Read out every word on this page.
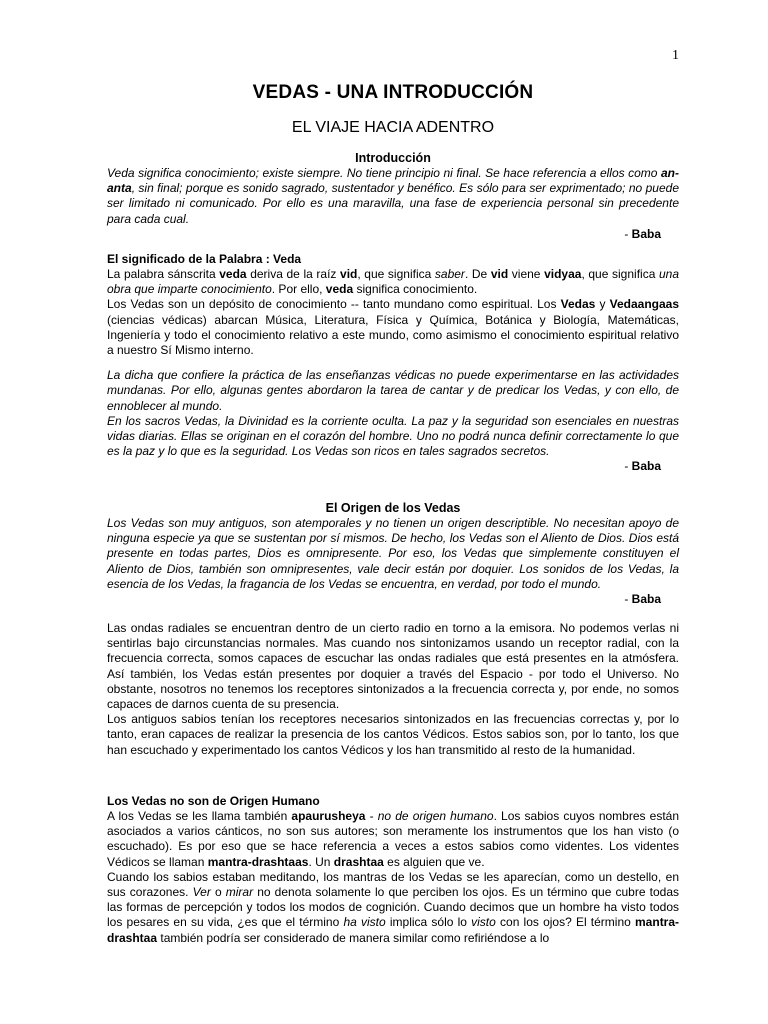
1
VEDAS - UNA INTRODUCCIÓN
EL VIAJE HACIA ADENTRO
Introducción

Veda significa conocimiento; existe siempre. No tiene principio ni final. Se hace referencia a ellos como an-anta, sin final; porque es sonido sagrado, sustentador y benéfico. Es sólo para ser exprimentado; no puede ser limitado ni comunicado. Por ello es una maravilla, una fase de experiencia personal sin precedente para cada cual.

- Baba
El significado de la Palabra : Veda

La palabra sánscrita veda deriva de la raíz vid, que significa saber. De vid viene vidyaa, que significa una obra que imparte conocimiento. Por ello, veda significa conocimiento.

Los Vedas son un depósito de conocimiento -- tanto mundano como espiritual. Los Vedas y Vedaangaas (ciencias védicas) abarcan Música, Literatura, Física y Química, Botánica y Biología, Matemáticas, Ingeniería y todo el conocimiento relativo a este mundo, como asimismo el conocimiento espiritual relativo a nuestro Sí Mismo interno.

La dicha que confiere la práctica de las enseñanzas védicas no puede experimentarse en las actividades mundanas. Por ello, algunas gentes abordaron la tarea de cantar y de predicar los Vedas, y con ello, de ennoblecer al mundo.

En los sacros Vedas, la Divinidad es la corriente oculta. La paz y la seguridad son esenciales en nuestras vidas diarias. Ellas se originan en el corazón del hombre. Uno no podrá nunca definir correctamente lo que es la paz y lo que es la seguridad. Los Vedas son ricos en tales sagrados secretos.

- Baba
El Origen de los Vedas

Los Vedas son muy antiguos, son atemporales y no tienen un origen descriptible. No necesitan apoyo de ninguna especie ya que se sustentan por sí mismos. De hecho, los Vedas son el Aliento de Dios. Dios está presente en todas partes, Dios es omnipresente. Por eso, los Vedas que simplemente constituyen el Aliento de Dios, también son omnipresentes, vale decir están por doquier. Los sonidos de los Vedas, la esencia de los Vedas, la fragancia de los Vedas se encuentra, en verdad, por todo el mundo.

- Baba

Las ondas radiales se encuentran dentro de un cierto radio en torno a la emisora. No podemos verlas ni sentirlas bajo circunstancias normales. Mas cuando nos sintonizamos usando un receptor radial, con la frecuencia correcta, somos capaces de escuchar las ondas radiales que está presentes en la atmósfera. Así también, los Vedas están presentes por doquier a través del Espacio - por todo el Universo. No obstante, nosotros no tenemos los receptores sintonizados a la frecuencia correcta y, por ende, no somos capaces de darnos cuenta de su presencia.

Los antiguos sabios tenían los receptores necesarios sintonizados en las frecuencias correctas y, por lo tanto, eran capaces de realizar la presencia de los cantos Védicos. Estos sabios son, por lo tanto, los que han escuchado y experimentado los cantos Védicos y los han transmitido al resto de la humanidad.

Los Vedas no son de Origen Humano

A los Vedas se les llama también apaurusheya - no de origen humano. Los sabios cuyos nombres están asociados a varios cánticos, no son sus autores; son meramente los instrumentos que los han visto (o escuchado). Es por eso que se hace referencia a veces a estos sabios como videntes. Los videntes Védicos se llaman mantra-drashtaas. Un drashtaa es alguien que ve.

Cuando los sabios estaban meditando, los mantras de los Vedas se les aparecían, como un destello, en sus corazones. Ver o mirar no denota solamente lo que perciben los ojos. Es un término que cubre todas las formas de percepción y todos los modos de cognición. Cuando decimos que un hombre ha visto todos los pesares en su vida, ¿es que el término ha visto implica sólo lo visto con los ojos? El término mantra-drashtaa también podría ser considerado de manera similar como refiriéndose a lo
